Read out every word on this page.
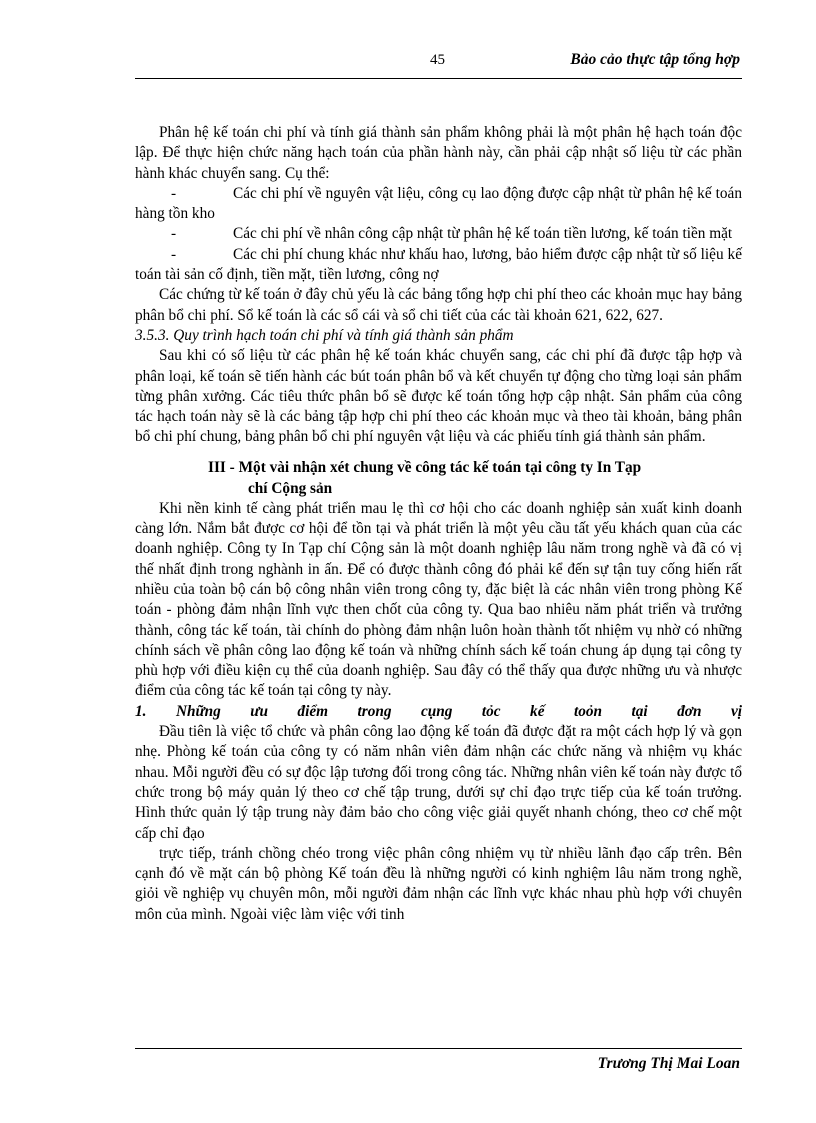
45	Bảo cảo thực tập tổng hợp

Phân hệ kế toán chi phí và tính giá thành sản phẩm không phải là một phân hệ hạch toán độc lập. Để thực hiện chức năng hạch toán của phần hành này, cần phải cập nhật số liệu từ các phần hành khác chuyển sang. Cụ thể:

-	Các chi phí về nguyên vật liệu, công cụ lao động được cập nhật từ phân hệ kế toán hàng tồn kho

-	Các chi phí về nhân công cập nhật từ phân hệ kế toán tiền lương, kế toán tiền mặt

-	Các chi phí chung khác như khấu hao, lương, bảo hiểm được cập nhật từ số liệu kế toán tài sản cố định, tiền mặt, tiền lương, công nợ

Các chứng từ kế toán ở đây chủ yếu là các bảng tổng hợp chi phí theo các khoản mục hay bảng phân bổ chi phí. Sổ kế toán là các sổ cái và sổ chi tiết của các tài khoản 621, 622, 627.

3.5.3. Quy trình hạch toán chi phí và tính giá thành sản phẩm

Sau khi có số liệu từ các phân hệ kế toán khác chuyển sang, các chi phí đã được tập hợp và phân loại, kế toán sẽ tiến hành các bút toán phân bổ và kết chuyển tự động cho từng loại sản phẩm từng phân xưởng. Các tiêu thức phân bổ sẽ được kế toán tổng hợp cập nhật. Sản phẩm của công tác hạch toán này sẽ là các bảng tập hợp chi phí theo các khoản mục và theo tài khoản, bảng phân bổ chi phí chung, bảng phân bổ chi phí nguyên vật liệu và các phiếu tính giá thành sản phẩm.

III - Một vài nhận xét chung về công tác kế toán tại công ty In Tạp
chí Cộng sản

Khi nền kinh tế càng phát triển mau lẹ thì cơ hội cho các doanh nghiệp sản xuất kinh doanh càng lớn. Nắm bắt được cơ hội để tồn tại và phát triển là một yêu cầu tất yếu khách quan của các doanh nghiệp. Công ty In Tạp chí Cộng sản là một doanh nghiệp lâu năm trong nghề và đã có vị thế nhất định trong nghành in ấn. Để có được thành công đó phải kể đến sự tận tuy cống hiến rất nhiều của toàn bộ cán bộ công nhân viên trong công ty, đặc biệt là các nhân viên trong phòng Kế toán - phòng đảm nhận lĩnh vực then chốt của công ty. Qua bao nhiêu năm phát triển và trưởng thành, công tác kế toán, tài chính do phòng đảm nhận luôn hoàn thành tốt nhiệm vụ nhờ có những chính sách về phân công lao động kế toán và những chính sách kế toán chung áp dụng tại công ty phù hợp với điều kiện cụ thể của doanh nghiệp. Sau đây có thể thấy qua được những ưu và nhược điểm của công tác kế toán tại công ty này.

1. Những ưu điểm trong cụng tỏc kế toỏn tại đơn vị

Đầu tiên là việc tổ chức và phân công lao động kế toán đã được đặt ra một cách hợp lý và gọn nhẹ. Phòng kế toán của công ty có năm nhân viên đảm nhận các chức năng và nhiệm vụ khác nhau. Mỗi người đều có sự độc lập tương đối trong công tác. Những nhân viên kế toán này được tổ chức trong bộ máy quản lý theo cơ chế tập trung, dưới sự chỉ đạo trực tiếp của kế toán trưởng. Hình thức quản lý tập trung này đảm bảo cho công việc giải quyết nhanh chóng, theo cơ chế một cấp chỉ đạo

trực tiếp, tránh chồng chéo trong việc phân công nhiệm vụ từ nhiều lãnh đạo cấp trên. Bên cạnh đó về mặt cán bộ phòng Kế toán đều là những người có kinh nghiệm lâu năm trong nghề, giỏi về nghiệp vụ chuyên môn, mỗi người đảm nhận các lĩnh vực khác nhau phù hợp với chuyên môn của mình. Ngoài việc làm việc với tinh

Trương Thị Mai Loan
